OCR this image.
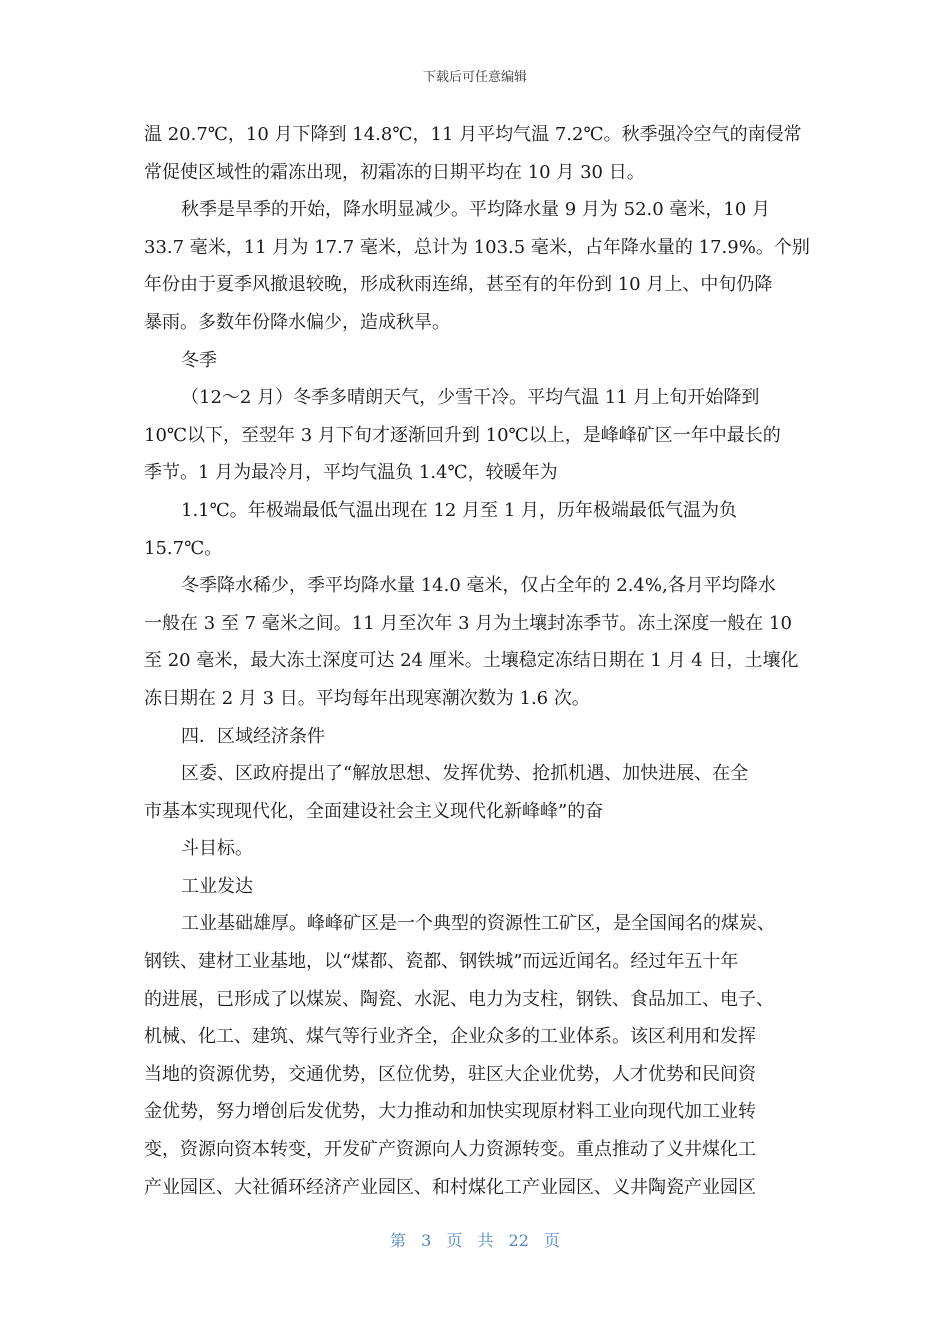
下载后可任意编辑
温 20.7℃，10 月下降到 14.8℃，11 月平均气温 7.2℃。秋季强冷空气的南侵常
常促使区域性的霜冻出现，初霜冻的日期平均在 10 月 30 日。
秋季是旱季的开始，降水明显减少。平均降水量 9 月为 52.0 毫米，10 月
33.7 毫米，11 月为 17.7 毫米，总计为 103.5 毫米，占年降水量的 17.9%。个别
年份由于夏季风撤退较晚，形成秋雨连绵，甚至有的年份到 10 月上、中旬仍降
暴雨。多数年份降水偏少，造成秋旱。
冬季
（12～2 月）冬季多晴朗天气，少雪干冷。平均气温 11 月上旬开始降到
10℃以下，至翌年 3 月下旬才逐渐回升到 10℃以上，是峰峰矿区一年中最长的
季节。1 月为最冷月，平均气温负 1.4℃，较暖年为
1.1℃。年极端最低气温出现在 12 月至 1 月，历年极端最低气温为负
15.7℃。
冬季降水稀少，季平均降水量 14.0 毫米，仅占全年的 2.4%,各月平均降水
一般在 3 至 7 毫米之间。11 月至次年 3 月为土壤封冻季节。冻土深度一般在 10
至 20 毫米，最大冻土深度可达 24 厘米。土壤稳定冻结日期在 1 月 4 日，土壤化
冻日期在 2 月 3 日。平均每年出现寒潮次数为 1.6 次。
四．区域经济条件
区委、区政府提出了“解放思想、发挥优势、抢抓机遇、加快进展、在全
市基本实现现代化，全面建设社会主义现代化新峰峰”的奋
斗目标。
工业发达
工业基础雄厚。峰峰矿区是一个典型的资源性工矿区，是全国闻名的煤炭、
钢铁、建材工业基地，以“煤都、瓷都、钢铁城”而远近闻名。经过年五十年
的进展，已形成了以煤炭、陶瓷、水泥、电力为支柱，钢铁、食品加工、电子、
机械、化工、建筑、煤气等行业齐全，企业众多的工业体系。该区利用和发挥
当地的资源优势，交通优势，区位优势，驻区大企业优势，人才优势和民间资
金优势，努力增创后发优势，大力推动和加快实现原材料工业向现代加工业转
变，资源向资本转变，开发矿产资源向人力资源转变。重点推动了义井煤化工
产业园区、大社循环经济产业园区、和村煤化工产业园区、义井陶瓷产业园区
第 3 页 共 22 页
